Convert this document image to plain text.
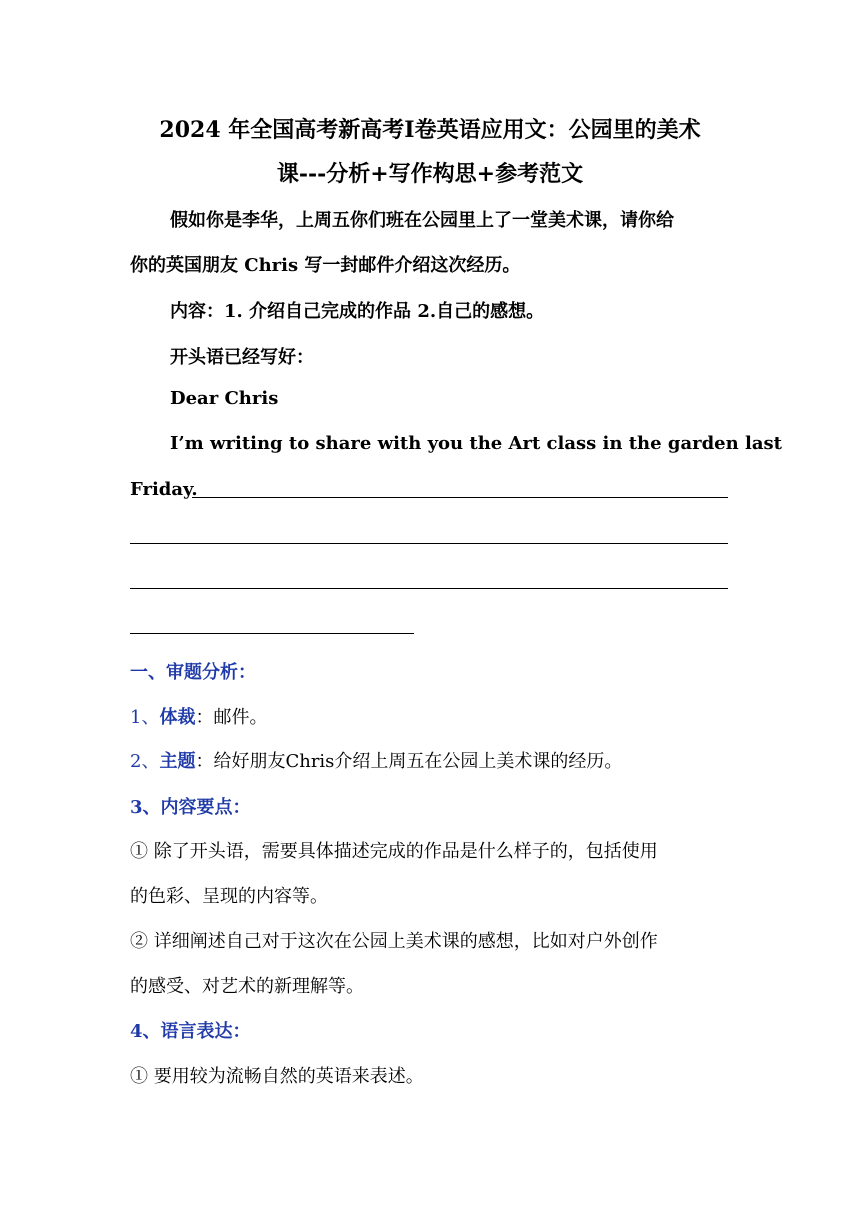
2024 年全国高考新高考Ⅰ卷英语应用文：公园里的美术
课---分析+写作构思+参考范文
假如你是李华，上周五你们班在公园里上了一堂美术课，请你给
你的英国朋友 Chris 写一封邮件介绍这次经历。
内容：1. 介绍自己完成的作品 2.自己的感想。
开头语已经写好：
Dear Chris
I’m writing to share with you the Art class in the garden last
Friday.
一、审题分析：
1、体裁：邮件。
2、主题：给好朋友Chris介绍上周五在公园上美术课的经历。
3、内容要点：
① 除了开头语，需要具体描述完成的作品是什么样子的，包括使用
的色彩、呈现的内容等。
② 详细阐述自己对于这次在公园上美术课的感想，比如对户外创作
的感受、对艺术的新理解等。
4、语言表达：
① 要用较为流畅自然的英语来表述。
